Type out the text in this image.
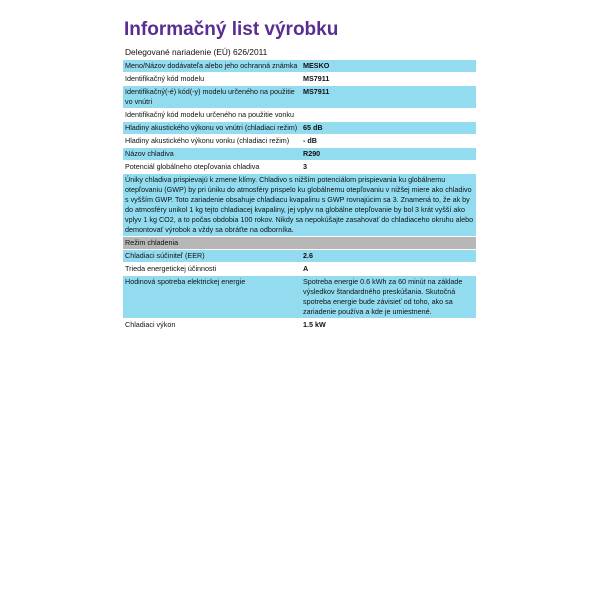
Informačný list výrobku
Delegované nariadenie (EÚ) 626/2011
Meno/Názov dodávateľa alebo jeho ochranná známka	MESKO
Identifikačný kód modelu	MS7911
Identifikačný(-é) kód(-y) modelu určeného na použitie vo vnútri	MS7911
Identifikačný kód modelu určeného na použitie vonku	
Hladiny akustického výkonu vo vnútri (chladiaci režim)	65 dB
Hladiny akustického výkonu vonku (chladiaci režim)	- dB
Názov chladiva	R290
Potenciál globálneho otepľovania chladiva	3
Úniky chladiva prispievajú k zmene klímy. Chladivo s nižším potenciálom prispievania ku globálnemu otepľovaniu (GWP) by pri úniku do atmosféry prispelo ku globálnemu otepľovaniu v nižšej miere ako chladivo s vyšším GWP. Toto zariadenie obsahuje chladiacu kvapalinu s GWP rovnajúcim sa 3. Znamená to, že ak by do atmosféry unikol 1 kg tejto chladiacej kvapaliny, jej vplyv na globálne otepľovanie by bol 3 krát vyšší ako vplyv 1 kg CO2, a to počas obdobia 100 rokov. Nikdy sa nepokúšajte zasahovať do chladiaceho okruhu alebo demontovať výrobok a vždy sa obráťte na odborníka.	
Režim chladenia	
Chladiaci súčiniteľ (EER)	2.6
Trieda energetickej účinnosti	A
Hodinová spotreba elektrickej energie	Spotreba energie 0.6 kWh za 60 minút na základe výsledkov štandardného preskúšania. Skutočná spotreba energie bude závisieť od toho, ako sa zariadenie používa a kde je umiestnené.
Chladiaci výkon	1.5 kW
